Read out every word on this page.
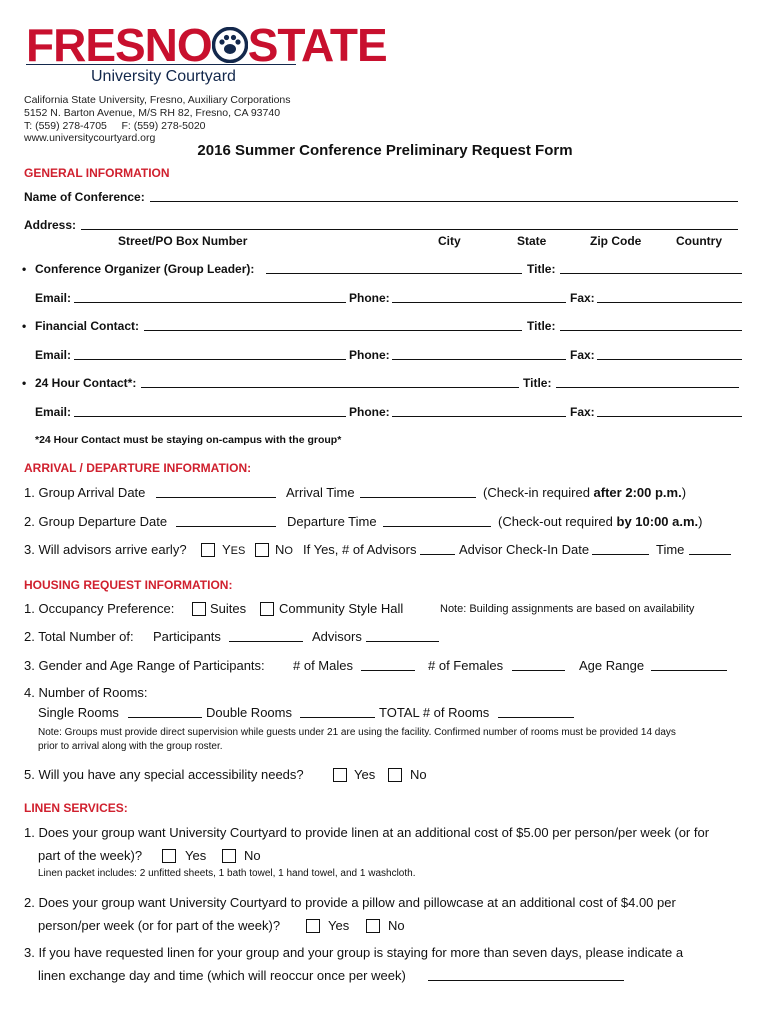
FRESNO STATE
University Courtyard
California State University, Fresno, Auxiliary Corporations
5152 N. Barton Avenue, M/S RH 82, Fresno, CA 93740
T: (559) 278-4705     F: (559) 278-5020
www.universitycourtyard.org
2016 Summer Conference Preliminary Request Form
GENERAL INFORMATION
Name of Conference:
Address:
Street/PO Box Number	City	State	Zip Code	Country
• Conference Organizer (Group Leader):	Title:
Email:	Phone:	Fax:
• Financial Contact:	Title:
Email:	Phone:	Fax:
• 24 Hour Contact*:	Title:
Email:	Phone:	Fax:
*24 Hour Contact must be staying on-campus with the group*
ARRIVAL / DEPARTURE INFORMATION:
1. Group Arrival Date	Arrival Time	(Check-in required after 2:00 p.m.)
2. Group Departure Date	Departure Time	(Check-out required by 10:00 a.m.)
3. Will advisors arrive early?	YES NO If Yes, # of Advisors	Advisor Check-In Date	Time
HOUSING REQUEST INFORMATION:
1. Occupancy Preference:	Suites	Community Style Hall	Note: Building assignments are based on availability
2. Total Number of: Participants	Advisors
3. Gender and Age Range of Participants: # of Males	# of Females	Age Range
4. Number of Rooms:
Single Rooms	Double Rooms	TOTAL # of Rooms
Note: Groups must provide direct supervision while guests under 21 are using the facility. Confirmed number of rooms must be provided 14 days
prior to arrival along with the group roster.
5. Will you have any special accessibility needs?	Yes	No
LINEN SERVICES:
1. Does your group want University Courtyard to provide linen at an additional cost of $5.00 per person/per week (or for
part of the week)?	Yes	No
Linen packet includes: 2 unfitted sheets, 1 bath towel, 1 hand towel, and 1 washcloth.
2. Does your group want University Courtyard to provide a pillow and pillowcase at an additional cost of $4.00 per
person/per week (or for part of the week)?	Yes	No
3. If you have requested linen for your group and your group is staying for more than seven days, please indicate a
linen exchange day and time (which will reoccur once per week)
